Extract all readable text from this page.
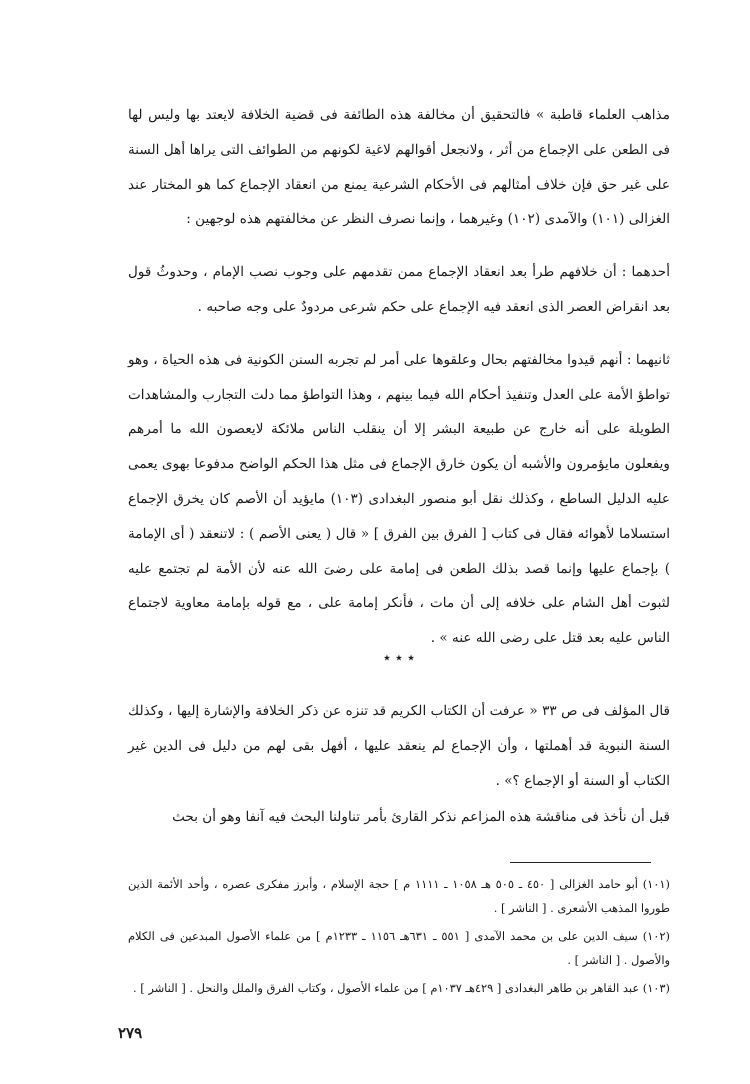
مذاهب العلماء قاطبة » فالتحقيق أن مخالفة هذه الطائفة فى قضية الخلافة لايعتد بها وليس لها فى الطعن على الإجماع من أثر ، ولانجعل أقوالهم لاغية لكونهم من الطوائف التى يراها أهل السنة على غير حق فإن خلاف أمثالهم فى الأحكام الشرعية يمنع من انعقاد الإجماع كما هو المختار عند الغزالى (١٠١) والآمدى (١٠٢) وغيرهما ، وإنما نصرف النظر عن مخالفتهم هذه لوجهين :

أحدهما : أن خلافهم طرأ بعد انعقاد الإجماع ممن تقدمهم على وجوب نصب الإمام ، وحدوثُ قول بعد انقراض العصر الذى انعقد فيه الإجماع على حكم شرعى مردودٌ على وجه صاحبه .

ثانيهما : أنهم قيدوا مخالفتهم بحال وعلقوها على أمر لم تجربه السنن الكونية فى هذه الحياة ، وهو تواطؤ الأمة على العدل وتنفيذ أحكام الله فيما بينهم ، وهذا التواطؤ مما دلت التجارب والمشاهدات الطويلة على أنه خارج عن طبيعة البشر إلا أن ينقلب الناس ملائكة لايعصون الله ما أمرهم ويفعلون مايؤمرون والأشبه أن يكون خارق الإجماع فى مثل هذا الحكم الواضح مدفوعا بهوى يعمى عليه الدليل الساطع ، وكذلك نقل أبو منصور البغدادى (١٠٣) مايؤيد أن الأصم كان يخرق الإجماع استسلاما لأهوائه فقال فى كتاب [ الفرق بين الفرق ] « قال ( يعنى الأصم ) : لاتنعقد ( أى الإمامة ) بإجماع عليها وإنما قصد بذلك الطعن فى إمامة على رضىَ الله عنه لأن الأمة لم تجتمع عليه لثبوت أهل الشام على خلافه إلى أن مات ، فأنكر إمامة على ، مع قوله بإمامة معاوية لاجتماع الناس عليه بعد قتل على رضى الله عنه » .

٭ ٭ ٭

قال المؤلف فى ص ٣٣ « عرفت أن الكتاب الكريم قد تنزه عن ذكر الخلافة والإشارة إليها ، وكذلك السنة النبوية قد أهملتها ، وأن الإجماع لم ينعقد عليها ، أفهل بقى لهم من دليل فى الدين غير الكتاب أو السنة أو الإجماع ؟» .

قبل أن نأخذ فى مناقشة هذه المزاعم نذكر القارئ بأمر تناولنا البحث فيه آنفا وهو أن بحث

(١٠١) أبو حامد الغزالى [ ٤٥٠ ـ ٥٠٥ هـ ١٠٥٨ ـ ١١١١ م ] حجة الإسلام ، وأبرز مفكرى عصره ، وأحد الأئمة الذين طوروا المذهب الأشعرى . [ الناشر ] .

(١٠٢) سيف الدين على بن محمد الآمدى [ ٥٥١ ـ ٦٣١هـ ١١٥٦ ـ ١٢٣٣م ] من علماء الأصول المبدعين فى الكلام والأصول . [ الناشر ] .

(١٠٣) عبد القاهر بن طاهر البغدادى [ ٤٢٩هـ ١٠٣٧م ] من علماء الأصول ، وكتاب الفرق والملل والنحل . [ الناشر ] .

٢٧٩
